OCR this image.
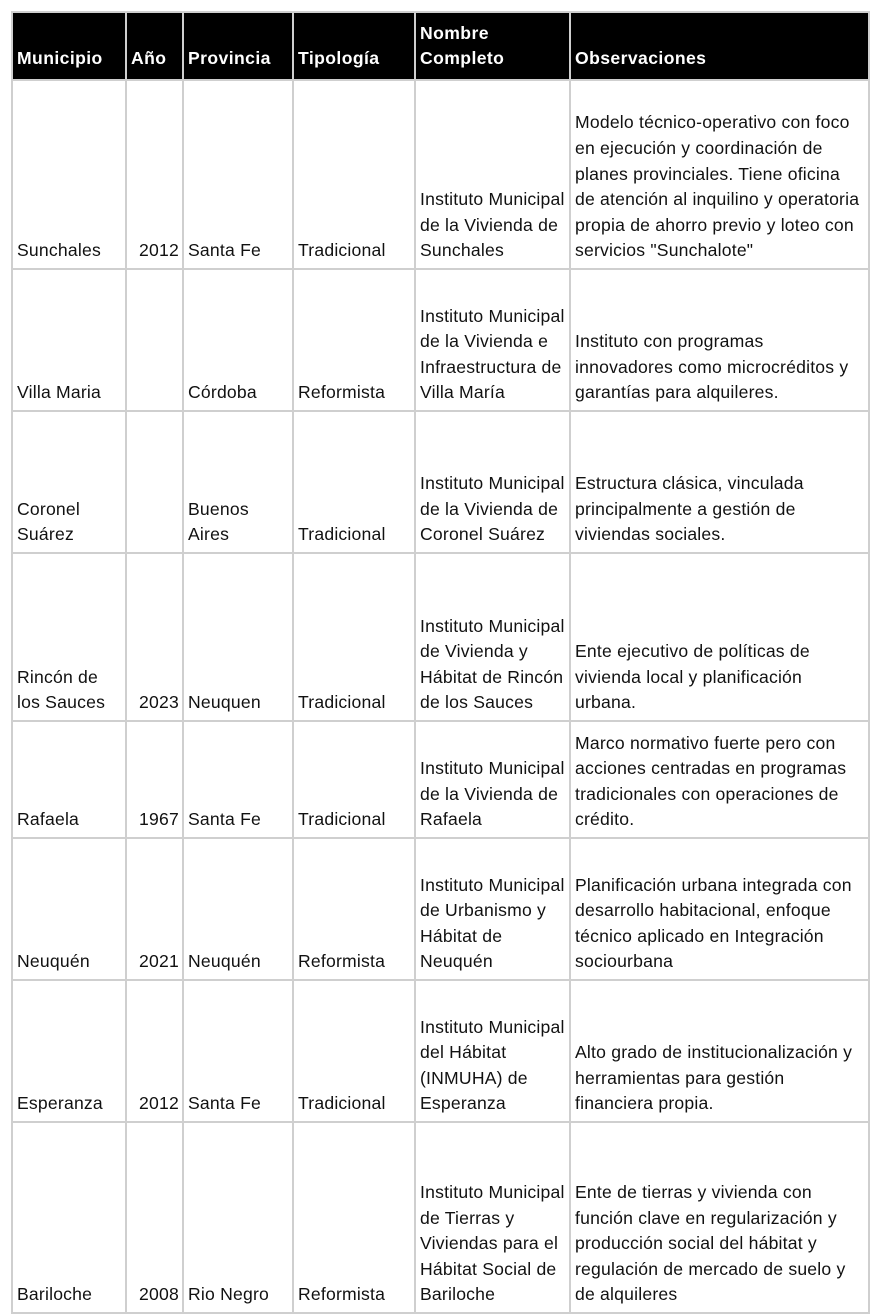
Municipio	Año	Provincia	Tipología	Nombre Completo	Observaciones
Sunchales	2012	Santa Fe	Tradicional	Instituto Municipal de la Vivienda de Sunchales	Modelo técnico-operativo con foco en ejecución y coordinación de planes provinciales. Tiene oficina de atención al inquilino y operatoria propia de ahorro previo y loteo con servicios "Sunchalote"
Villa Maria		Córdoba	Reformista	Instituto Municipal de la Vivienda e Infraestructura de Villa María	Instituto con programas innovadores como microcréditos y garantías para alquileres.
Coronel Suárez		Buenos Aires	Tradicional	Instituto Municipal de la Vivienda de Coronel Suárez	Estructura clásica, vinculada principalmente a gestión de viviendas sociales.
Rincón de los Sauces	2023	Neuquen	Tradicional	Instituto Municipal de Vivienda y Hábitat de Rincón de los Sauces	Ente ejecutivo de políticas de vivienda local y planificación urbana.
Rafaela	1967	Santa Fe	Tradicional	Instituto Municipal de la Vivienda de Rafaela	Marco normativo fuerte pero con acciones centradas en programas tradicionales con operaciones de crédito.
Neuquén	2021	Neuquén	Reformista	Instituto Municipal de Urbanismo y Hábitat de Neuquén	Planificación urbana integrada con desarrollo habitacional, enfoque técnico aplicado en Integración sociourbana
Esperanza	2012	Santa Fe	Tradicional	Instituto Municipal del Hábitat (INMUHA) de Esperanza	Alto grado de institucionalización y herramientas para gestión financiera propia.
Bariloche	2008	Rio Negro	Reformista	Instituto Municipal de Tierras y Viviendas para el Hábitat Social de Bariloche	Ente de tierras y vivienda con función clave en regularización y producción social del hábitat y regulación de mercado de suelo y de alquileres
